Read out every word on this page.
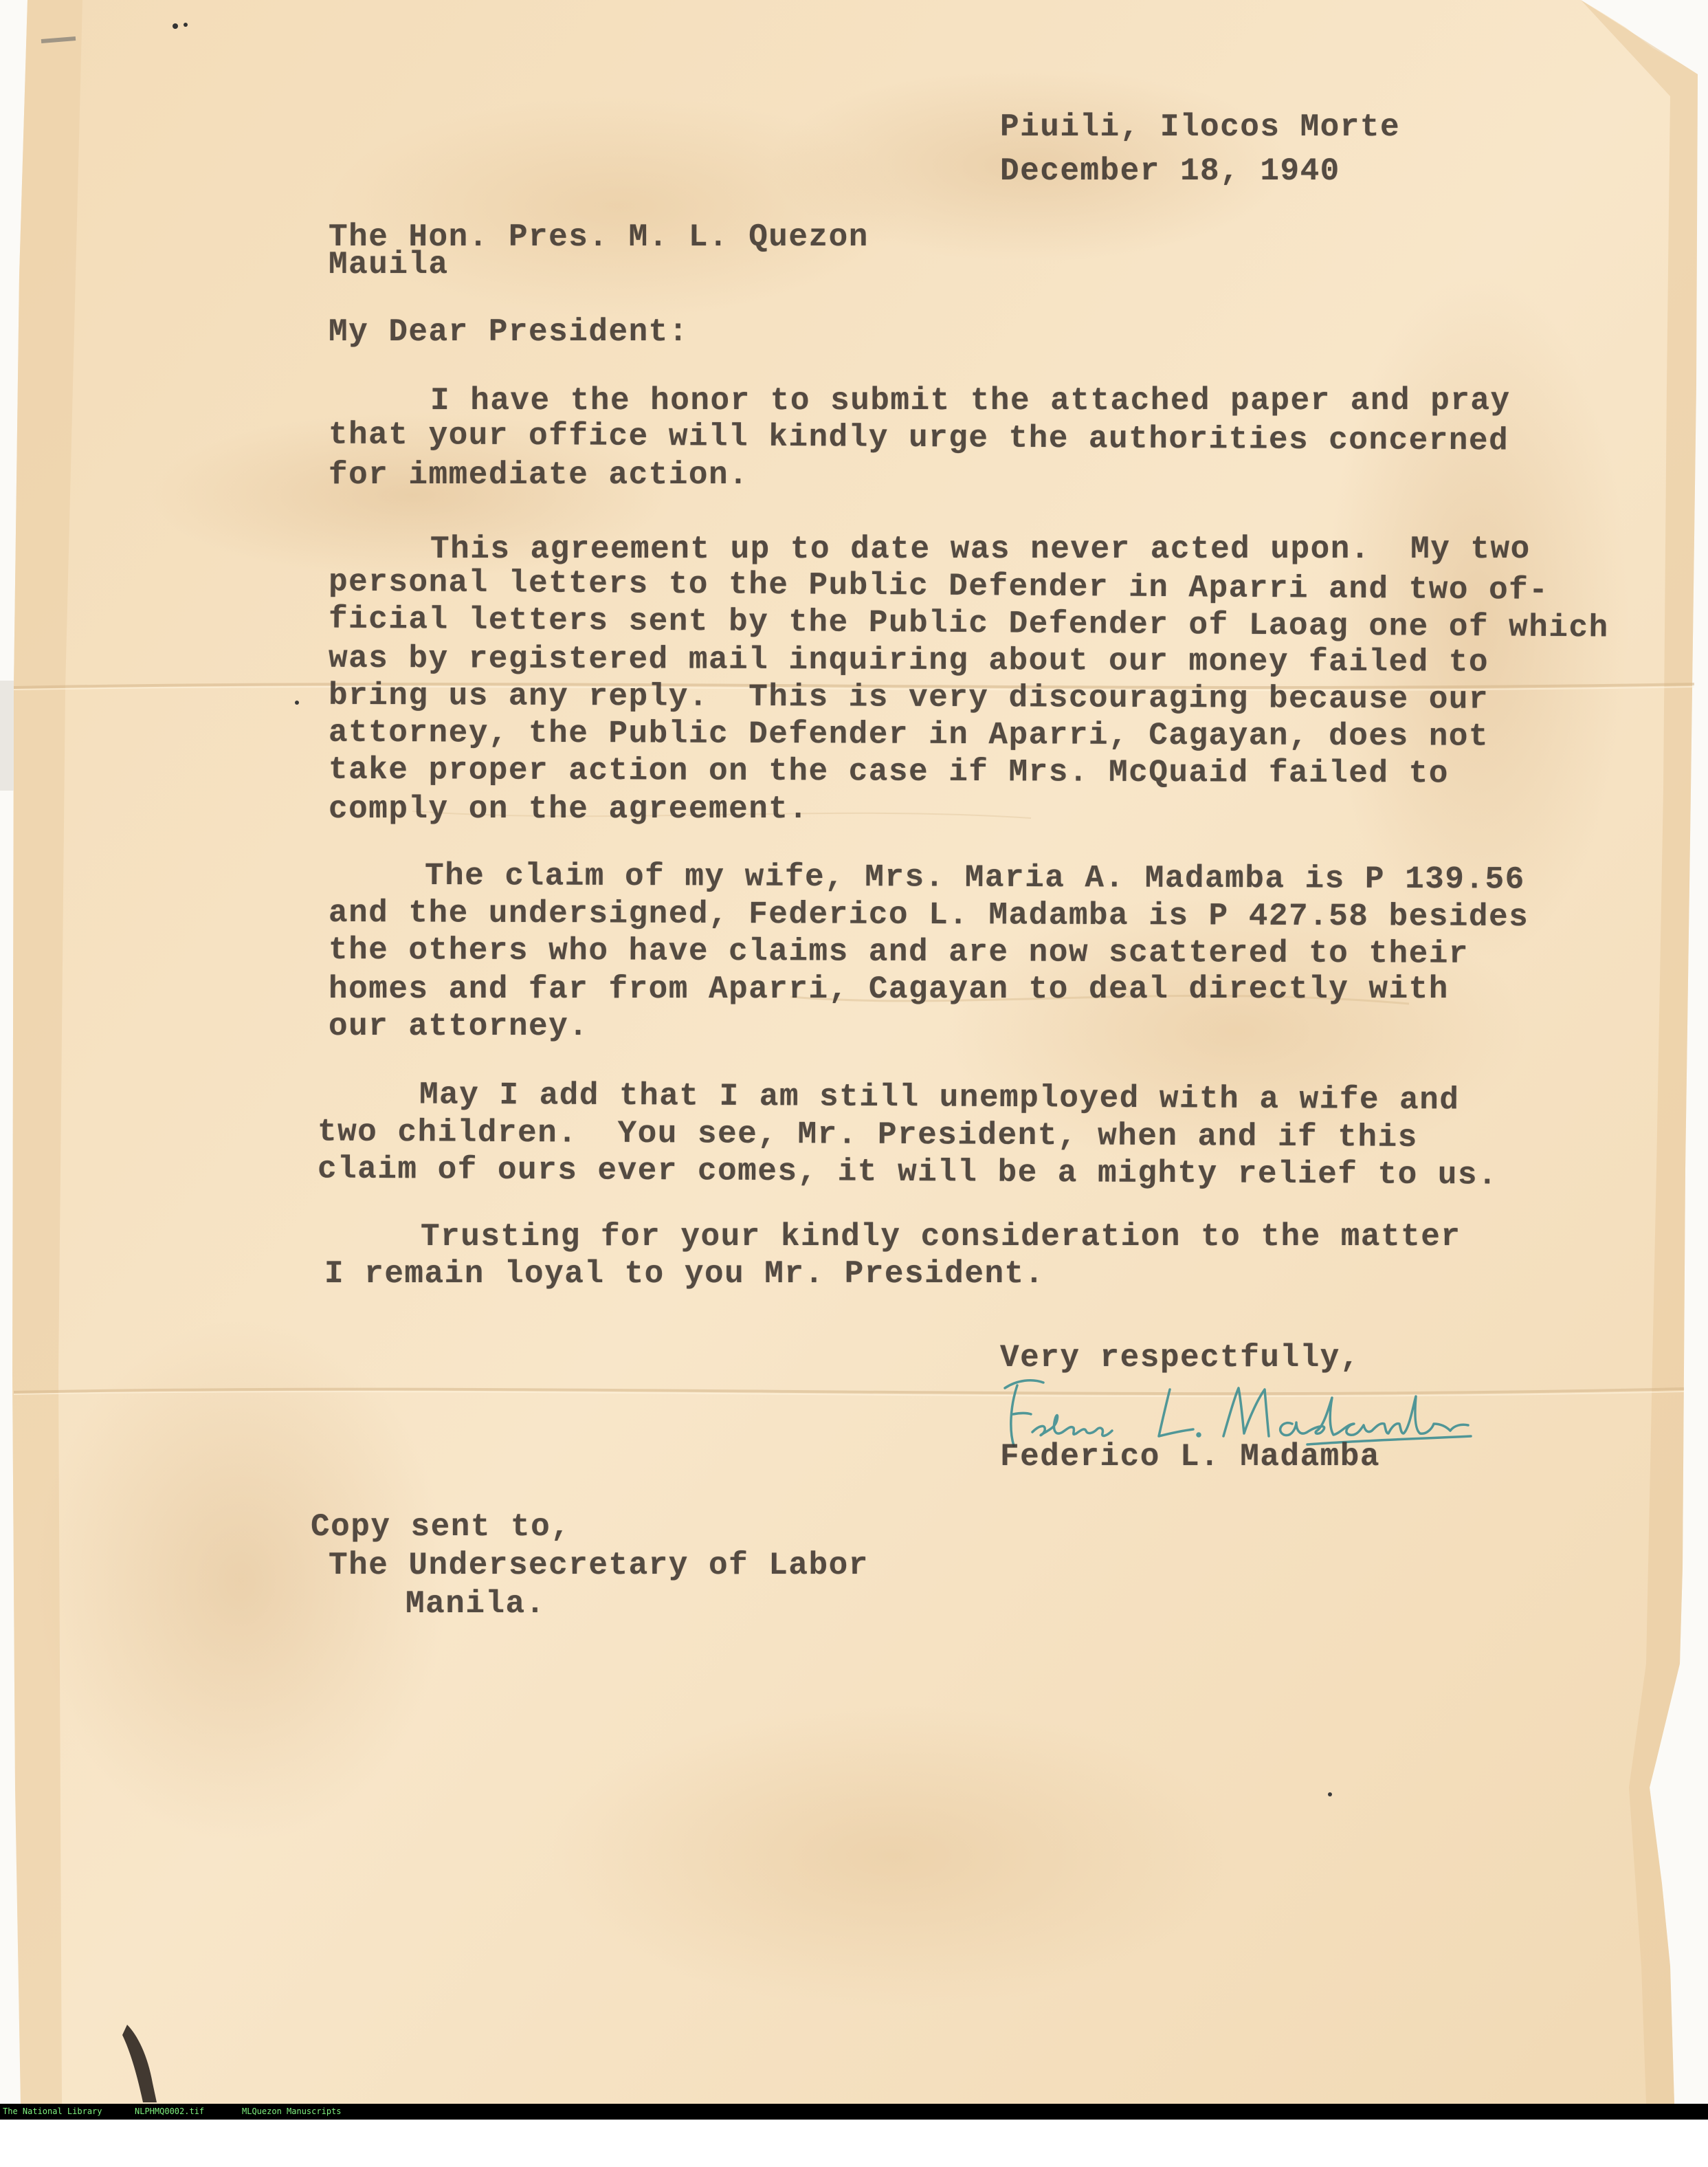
Piuili, Ilocos Morte
December 18, 1940
The Hon. Pres. M. L. Quezon
Mauila
My Dear President:
I have the honor to submit the attached paper and pray
that your office will kindly urge the authorities concerned
for immediate action.
This agreement up to date was never acted upon.  My two
personal letters to the Public Defender in Aparri and two of-
ficial letters sent by the Public Defender of Laoag one of which
was by registered mail inquiring about our money failed to
bring us any reply.  This is very discouraging because our
attorney, the Public Defender in Aparri, Cagayan, does not
take proper action on the case if Mrs. McQuaid failed to
comply on the agreement.
The claim of my wife, Mrs. Maria A. Madamba is P 139.56
and the undersigned, Federico L. Madamba is P 427.58 besides
the others who have claims and are now scattered to their
homes and far from Aparri, Cagayan to deal directly with
our attorney.
May I add that I am still unemployed with a wife and
two children.  You see, Mr. President, when and if this
claim of ours ever comes, it will be a mighty relief to us.
Trusting for your kindly consideration to the matter
I remain loyal to you Mr. President.
Very respectfully,
Federico L. Madamba
Copy sent to,
The Undersecretary of Labor
Manila.

The National Library

	NLPHMQ0002.tif

	MLQuezon Manuscripts
